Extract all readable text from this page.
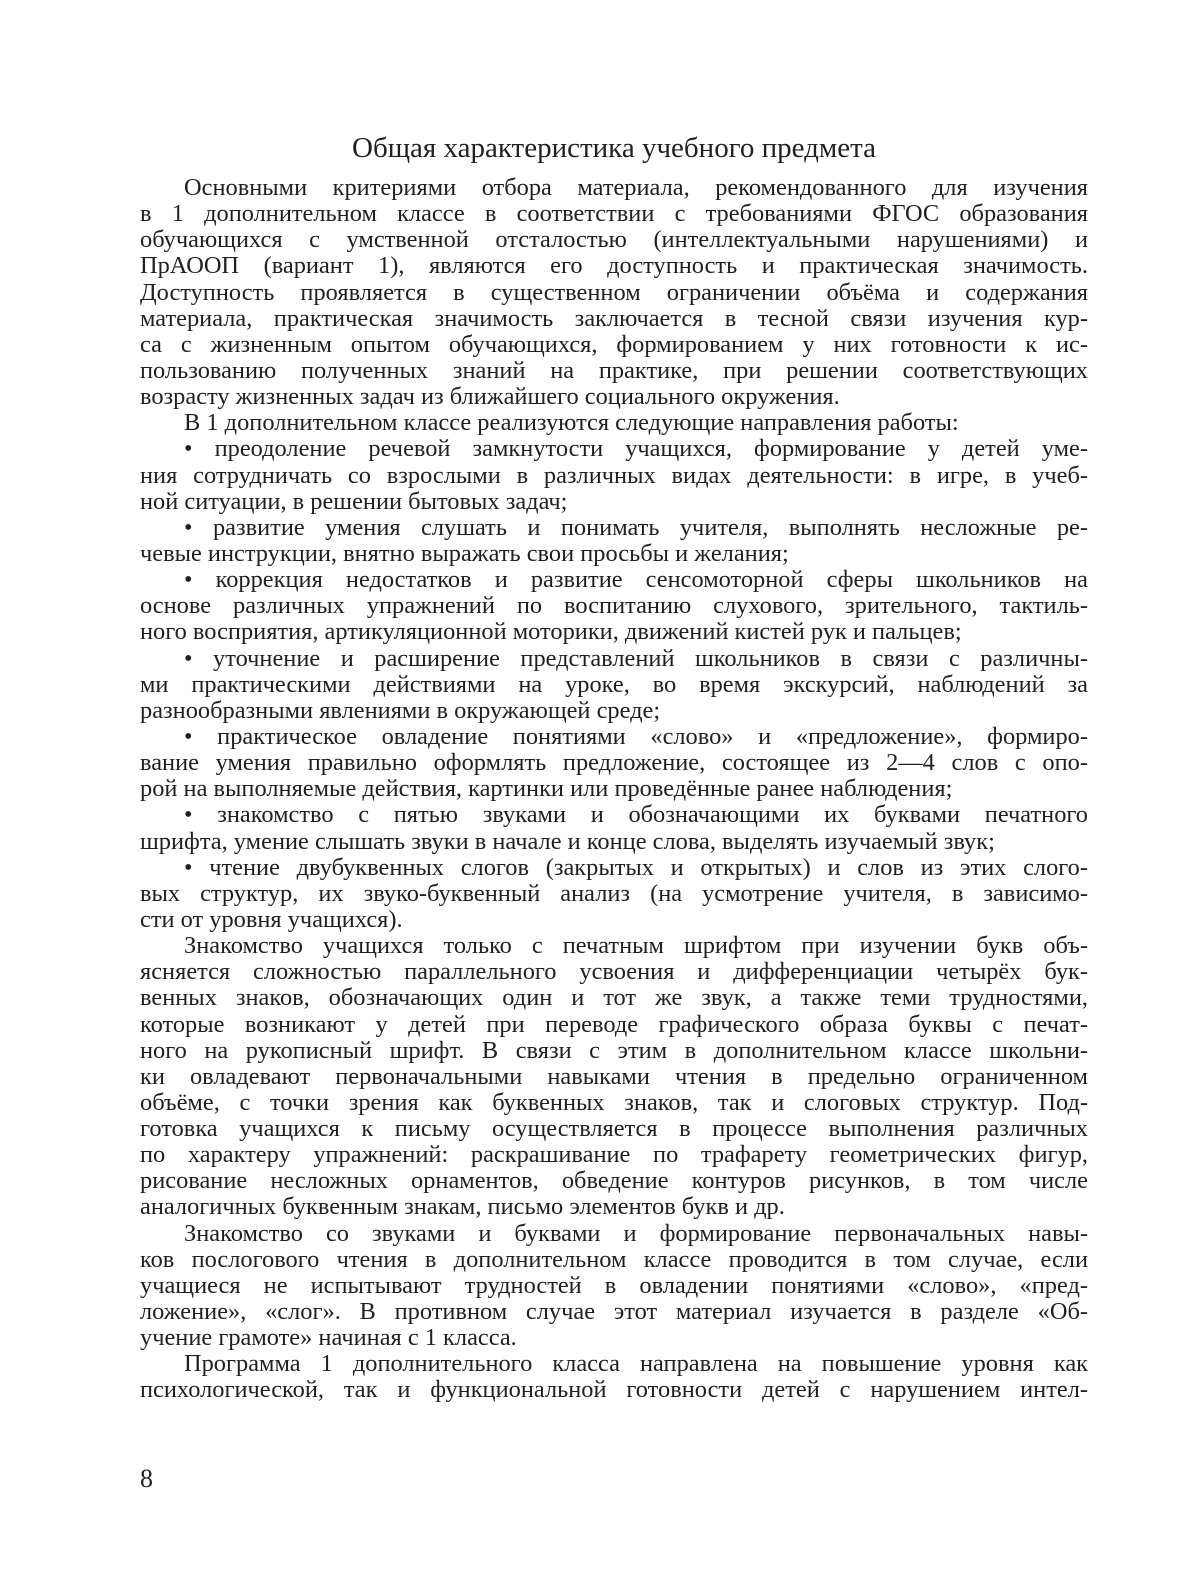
Общая характеристика учебного предмета
Основными критериями отбора материала, рекомендованного для изучения
в 1 дополнительном классе в соответствии с требованиями ФГОС образования
обучающихся с умственной отсталостью (интеллектуальными нарушениями) и
ПрАООП (вариант 1), являются его доступность и практическая значимость.
Доступность проявляется в существенном ограничении объёма и содержания
материала, практическая значимость заключается в тесной связи изучения кур-
са с жизненным опытом обучающихся, формированием у них готовности к ис-
пользованию полученных знаний на практике, при решении соответствующих
возрасту жизненных задач из ближайшего социального окружения.
В 1 дополнительном классе реализуются следующие направления работы:
• преодоление речевой замкнутости учащихся, формирование у детей уме-
ния сотрудничать со взрослыми в различных видах деятельности: в игре, в учеб-
ной ситуации, в решении бытовых задач;
• развитие умения слушать и понимать учителя, выполнять несложные ре-
чевые инструкции, внятно выражать свои просьбы и желания;
• коррекция недостатков и развитие сенсомоторной сферы школьников на
основе различных упражнений по воспитанию слухового, зрительного, тактиль-
ного восприятия, артикуляционной моторики, движений кистей рук и пальцев;
• уточнение и расширение представлений школьников в связи с различны-
ми практическими действиями на уроке, во время экскурсий, наблюдений за
разнообразными явлениями в окружающей среде;
• практическое овладение понятиями «слово» и «предложение», формиро-
вание умения правильно оформлять предложение, состоящее из 2—4 слов с опо-
рой на выполняемые действия, картинки или проведённые ранее наблюдения;
• знакомство с пятью звуками и обозначающими их буквами печатного
шрифта, умение слышать звуки в начале и конце слова, выделять изучаемый звук;
• чтение двубуквенных слогов (закрытых и открытых) и слов из этих слого-
вых структур, их звуко-буквенный анализ (на усмотрение учителя, в зависимо-
сти от уровня учащихся).
Знакомство учащихся только с печатным шрифтом при изучении букв объ-
ясняется сложностью параллельного усвоения и дифференциации четырёх бук-
венных знаков, обозначающих один и тот же звук, а также теми трудностями,
которые возникают у детей при переводе графического образа буквы с печат-
ного на рукописный шрифт. В связи с этим в дополнительном классе школьни-
ки овладевают первоначальными навыками чтения в предельно ограниченном
объёме, с точки зрения как буквенных знаков, так и слоговых структур. Под-
готовка учащихся к письму осуществляется в процессе выполнения различных
по характеру упражнений: раскрашивание по трафарету геометрических фигур,
рисование несложных орнаментов, обведение контуров рисунков, в том числе
аналогичных буквенным знакам, письмо элементов букв и др.
Знакомство со звуками и буквами и формирование первоначальных навы-
ков послогового чтения в дополнительном классе проводится в том случае, если
учащиеся не испытывают трудностей в овладении понятиями «слово», «пред-
ложение», «слог». В противном случае этот материал изучается в разделе «Об-
учение грамоте» начиная с 1 класса.
Программа 1 дополнительного класса направлена на повышение уровня как
психологической, так и функциональной готовности детей с нарушением интел-
8
